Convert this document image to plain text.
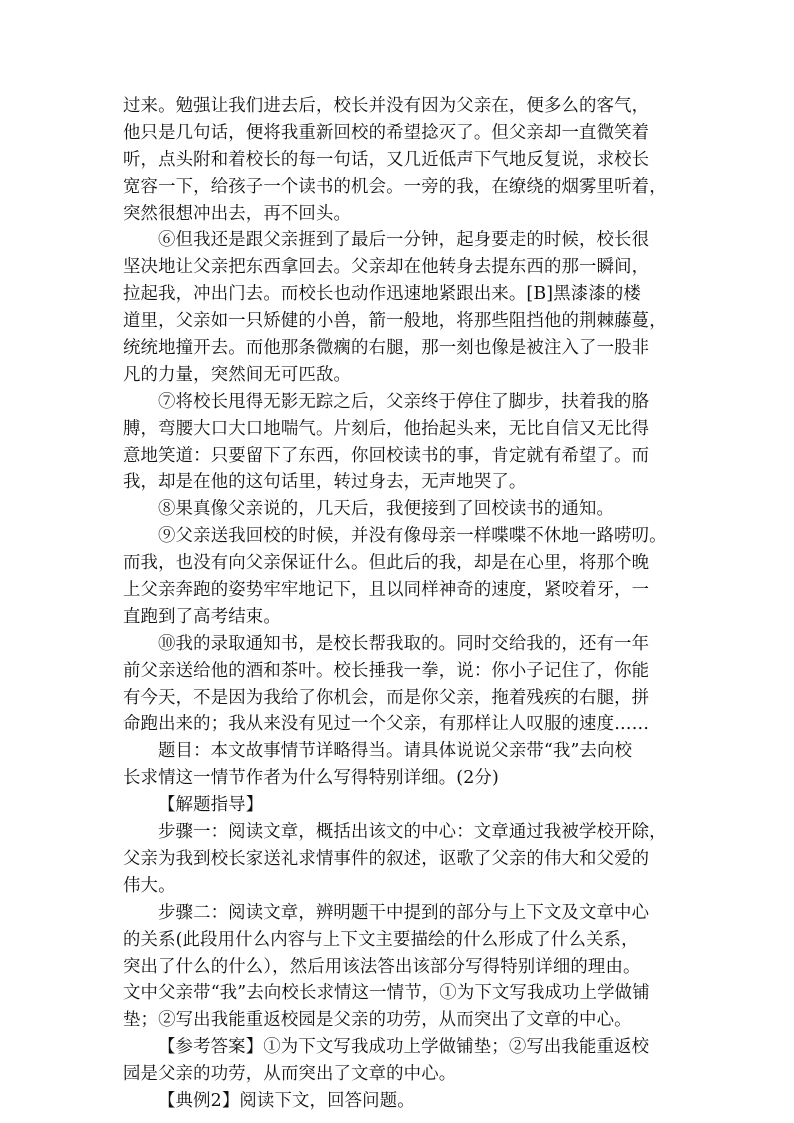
过来。勉强让我们进去后，校长并没有因为父亲在，便多么的客气，
他只是几句话，便将我重新回校的希望捻灭了。但父亲却一直微笑着
听，点头附和着校长的每一句话，又几近低声下气地反复说，求校长
宽容一下，给孩子一个读书的机会。一旁的我，在缭绕的烟雾里听着，
突然很想冲出去，再不回头。
⑥但我还是跟父亲捱到了最后一分钟，起身要走的时候，校长很
坚决地让父亲把东西拿回去。父亲却在他转身去提东西的那一瞬间，
拉起我，冲出门去。而校长也动作迅速地紧跟出来。[B]黑漆漆的楼
道里，父亲如一只矫健的小兽，箭一般地，将那些阻挡他的荆棘藤蔓，
统统地撞开去。而他那条微瘸的右腿，那一刻也像是被注入了一股非
凡的力量，突然间无可匹敌。
⑦将校长甩得无影无踪之后，父亲终于停住了脚步，扶着我的胳
膊，弯腰大口大口地喘气。片刻后，他抬起头来，无比自信又无比得
意地笑道：只要留下了东西，你回校读书的事，肯定就有希望了。而
我，却是在他的这句话里，转过身去，无声地哭了。
⑧果真像父亲说的，几天后，我便接到了回校读书的通知。
⑨父亲送我回校的时候，并没有像母亲一样喋喋不休地一路唠叨。
而我，也没有向父亲保证什么。但此后的我，却是在心里，将那个晚
上父亲奔跑的姿势牢牢地记下，且以同样神奇的速度，紧咬着牙，一
直跑到了高考结束。
⑩我的录取通知书，是校长帮我取的。同时交给我的，还有一年
前父亲送给他的酒和茶叶。校长捶我一拳，说：你小子记住了，你能
有今天，不是因为我给了你机会，而是你父亲，拖着残疾的右腿，拼
命跑出来的；我从来没有见过一个父亲，有那样让人叹服的速度……
题目：本文故事情节详略得当。请具体说说父亲带“我”去向校
长求情这一情节作者为什么写得特别详细。(2分)
【解题指导】
步骤一：阅读文章，概括出该文的中心：文章通过我被学校开除，
父亲为我到校长家送礼求情事件的叙述，讴歌了父亲的伟大和父爱的
伟大。
步骤二：阅读文章，辨明题干中提到的部分与上下文及文章中心
的关系(此段用什么内容与上下文主要描绘的什么形成了什么关系，
突出了什么的什么），然后用该法答出该部分写得特别详细的理由。
文中父亲带“我”去向校长求情这一情节，①为下文写我成功上学做铺
垫；②写出我能重返校园是父亲的功劳，从而突出了文章的中心。
【参考答案】①为下文写我成功上学做铺垫；②写出我能重返校
园是父亲的功劳，从而突出了文章的中心。
【典例2】阅读下文，回答问题。
